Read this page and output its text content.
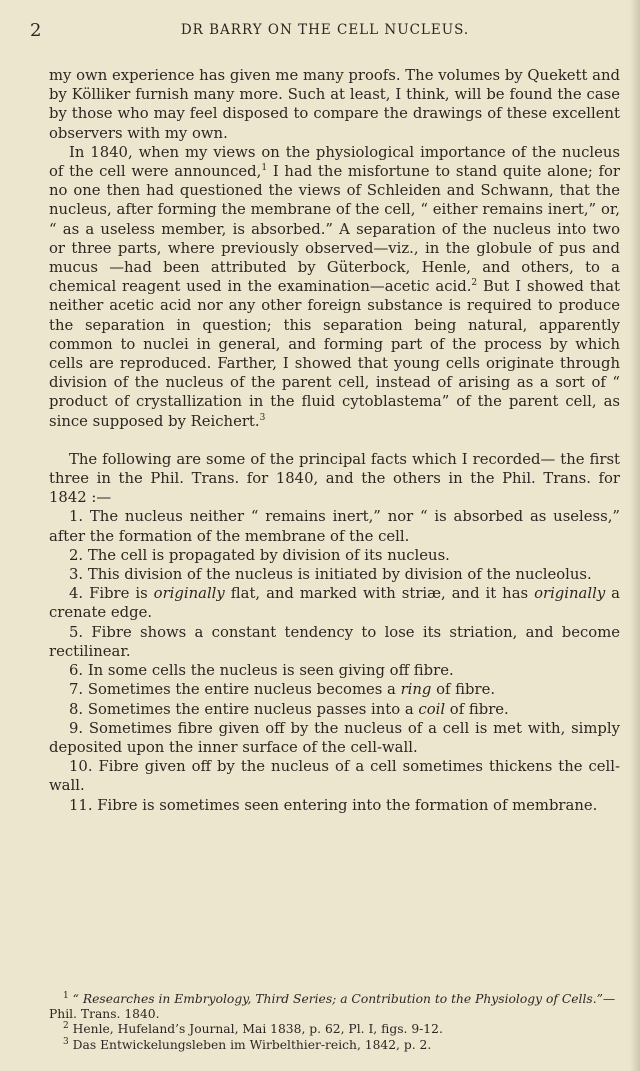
2	DR BARRY ON THE CELL NUCLEUS.

my own experience has given me many proofs. The volumes by Quekett and by Kölliker furnish many more. Such at least, I think, will be found the case by those who may feel disposed to compare the drawings of these excellent observers with my own.

In 1840, when my views on the physiological importance of the nucleus of the cell were announced,$^1$ I had the misfortune to stand quite alone; for no one then had questioned the views of Schleiden and Schwann, that the nucleus, after forming the membrane of the cell, “ either remains inert,” or, “ as a useless member, is absorbed.” A separation of the nucleus into two or three parts, where previously observed—viz., in the globule of pus and mucus —had been attributed by Güterbock, Henle, and others, to a chemical reagent used in the examination—acetic acid.$^2$ But I showed that neither acetic acid nor any other foreign substance is required to produce the separation in question; this separation being natural, apparently common to nuclei in general, and forming part of the process by which cells are reproduced. Farther, I showed that young cells originate through division of the nucleus of the parent cell, instead of arising as a sort of “ product of crystallization in the fluid cytoblastema” of the parent cell, as since supposed by Reichert.$^3$

The following are some of the principal facts which I recorded— the first three in the Phil. Trans. for 1840, and the others in the Phil. Trans. for 1842 :—

1. The nucleus neither “ remains inert,” nor “ is absorbed as useless,” after the formation of the membrane of the cell.

2. The cell is propagated by division of its nucleus.

3. This division of the nucleus is initiated by division of the nucleolus.

4. Fibre is originally flat, and marked with striæ, and it has originally a crenate edge.

5. Fibre shows a constant tendency to lose its striation, and become rectilinear.

6. In some cells the nucleus is seen giving off fibre.

7. Sometimes the entire nucleus becomes a ring of fibre.

8. Sometimes the entire nucleus passes into a coil of fibre.

9. Sometimes fibre given off by the nucleus of a cell is met with, simply deposited upon the inner surface of the cell-wall.

10. Fibre given off by the nucleus of a cell sometimes thickens the cell-wall.

11. Fibre is sometimes seen entering into the formation of membrane.

$^1$ “ Researches in Embryology, Third Series; a Contribution to the Physiology of Cells.”—Phil. Trans. 1840.

$^2$ Henle, Hufeland’s Journal, Mai 1838, p. 62, Pl. I, figs. 9-12.

$^3$ Das Entwickelungsleben im Wirbelthier-reich, 1842, p. 2.
